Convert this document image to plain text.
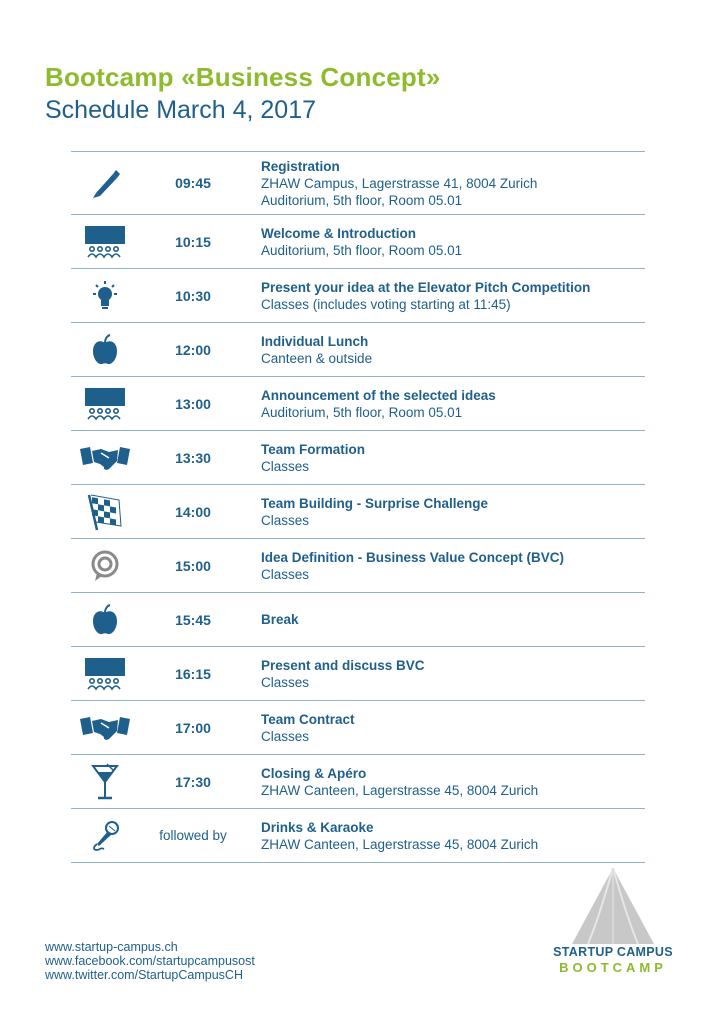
Bootcamp «Business Concept»
Schedule March 4, 2017
09:45
Registration
ZHAW Campus, Lagerstrasse 41, 8004 Zurich
Auditorium, 5th floor, Room 05.01
10:15
Welcome & Introduction
Auditorium, 5th floor, Room 05.01
10:30
Present your idea at the Elevator Pitch Competition
Classes (includes voting starting at 11:45)
12:00
Individual Lunch
Canteen & outside
13:00
Announcement of the selected ideas
Auditorium, 5th floor, Room 05.01
13:30
Team Formation
Classes
14:00
Team Building - Surprise Challenge
Classes
15:00
Idea Definition - Business Value Concept (BVC)
Classes
15:45	Break
16:15
Present and discuss BVC
Classes
17:00
Team Contract
Classes
17:30
Closing & Apéro
ZHAW Canteen, Lagerstrasse 45, 8004 Zurich
followed by
Drinks & Karaoke
ZHAW Canteen, Lagerstrasse 45, 8004 Zurich
www.startup-campus.ch
www.facebook.com/startupcampusost
www.twitter.com/StartupCampusCH
STARTUP CAMPUS
BOOTCAMP
